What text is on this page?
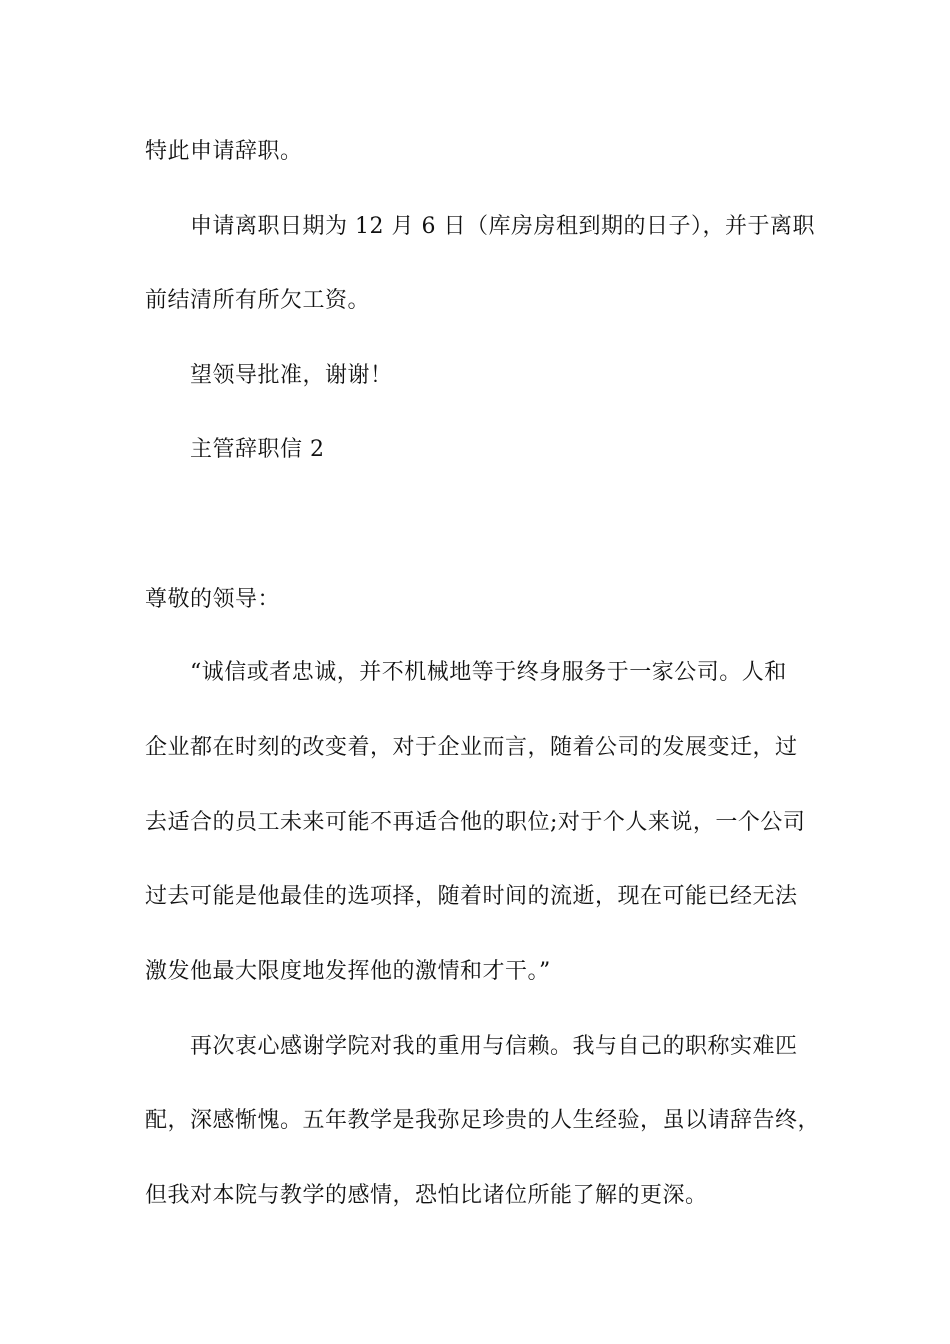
特此申请辞职。
申请离职日期为 12 月 6 日（库房房租到期的日子），并于离职
前结清所有所欠工资。
望领导批准，谢谢！
主管辞职信 2
尊敬的领导：
“诚信或者忠诚，并不机械地等于终身服务于一家公司。人和
企业都在时刻的改变着，对于企业而言，随着公司的发展变迁，过
去适合的员工未来可能不再适合他的职位;对于个人来说，一个公司
过去可能是他最佳的选项择，随着时间的流逝，现在可能已经无法
激发他最大限度地发挥他的激情和才干。”
再次衷心感谢学院对我的重用与信赖。我与自己的职称实难匹
配，深感惭愧。五年教学是我弥足珍贵的人生经验，虽以请辞告终，
但我对本院与教学的感情，恐怕比诸位所能了解的更深。
